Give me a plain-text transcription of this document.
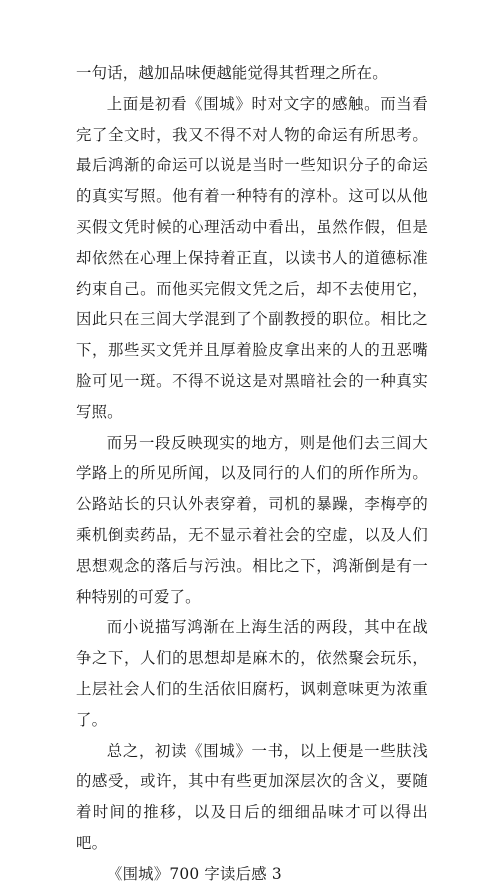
一句话，越加品味便越能觉得其哲理之所在。

上面是初看《围城》时对文字的感触。而当看完了全文时，我又不得不对人物的命运有所思考。最后鸿渐的命运可以说是当时一些知识分子的命运的真实写照。他有着一种特有的淳朴。这可以从他买假文凭时候的心理活动中看出，虽然作假，但是却依然在心理上保持着正直，以读书人的道德标准约束自己。而他买完假文凭之后，却不去使用它，因此只在三闾大学混到了个副教授的职位。相比之下，那些买文凭并且厚着脸皮拿出来的人的丑恶嘴脸可见一斑。不得不说这是对黑暗社会的一种真实写照。

而另一段反映现实的地方，则是他们去三闾大学路上的所见所闻，以及同行的人们的所作所为。公路站长的只认外表穿着，司机的暴躁，李梅亭的乘机倒卖药品，无不显示着社会的空虚，以及人们思想观念的落后与污浊。相比之下，鸿渐倒是有一种特别的可爱了。

而小说描写鸿渐在上海生活的两段，其中在战争之下，人们的思想却是麻木的，依然聚会玩乐，上层社会人们的生活依旧腐朽，讽刺意味更为浓重了。

总之，初读《围城》一书，以上便是一些肤浅的感受，或许，其中有些更加深层次的含义，要随着时间的推移，以及日后的细细品味才可以得出吧。

《围城》700 字读后感 3
